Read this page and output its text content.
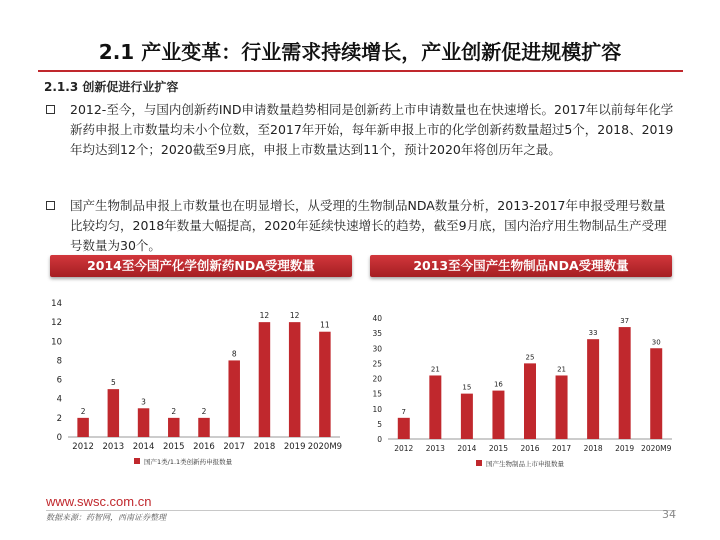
2.1 产业变革：行业需求持续增长，产业创新促进规模扩容
2.1.3 创新促进行业扩容
2012-至今，与国内创新药IND申请数量趋势相同是创新药上市申请数量也在快速增长。2017年以前每年化学新药申报上市数量均未小个位数，至2017年开始，每年新申报上市的化学创新药数量超过5个，2018、2019年均达到12个；2020截至9月底，申报上市数量达到11个，预计2020年将创历年之最。
国产生物制品申报上市数量也在明显增长，从受理的生物制品NDA数量分析，2013-2017年申报受理号数量比较均匀，2018年数量大幅提高，2020年延续快速增长的趋势，截至9月底，国内治疗用生物制品生产受理号数量为30个。
2014至今国产化学创新药NDA受理数量	2013至今国产生物制品NDA受理数量
0
2
4
6
8
10
12
14
2
2012
5
2013
3
2014
2
2015
2
2016
8
2017
12
2018
12
2019
11
2020M9
国产1类/1.1类创新药申报数量
0
5
10
15
20
25
30
35
40
7
2012
21
2013
15
2014
16
2015
25
2016
21
2017
33
2018
37
2019
30
2020M9
国产生物制品上市申报数量
www.swsc.com.cn
数据来源：药智网，西南证券整理	34
